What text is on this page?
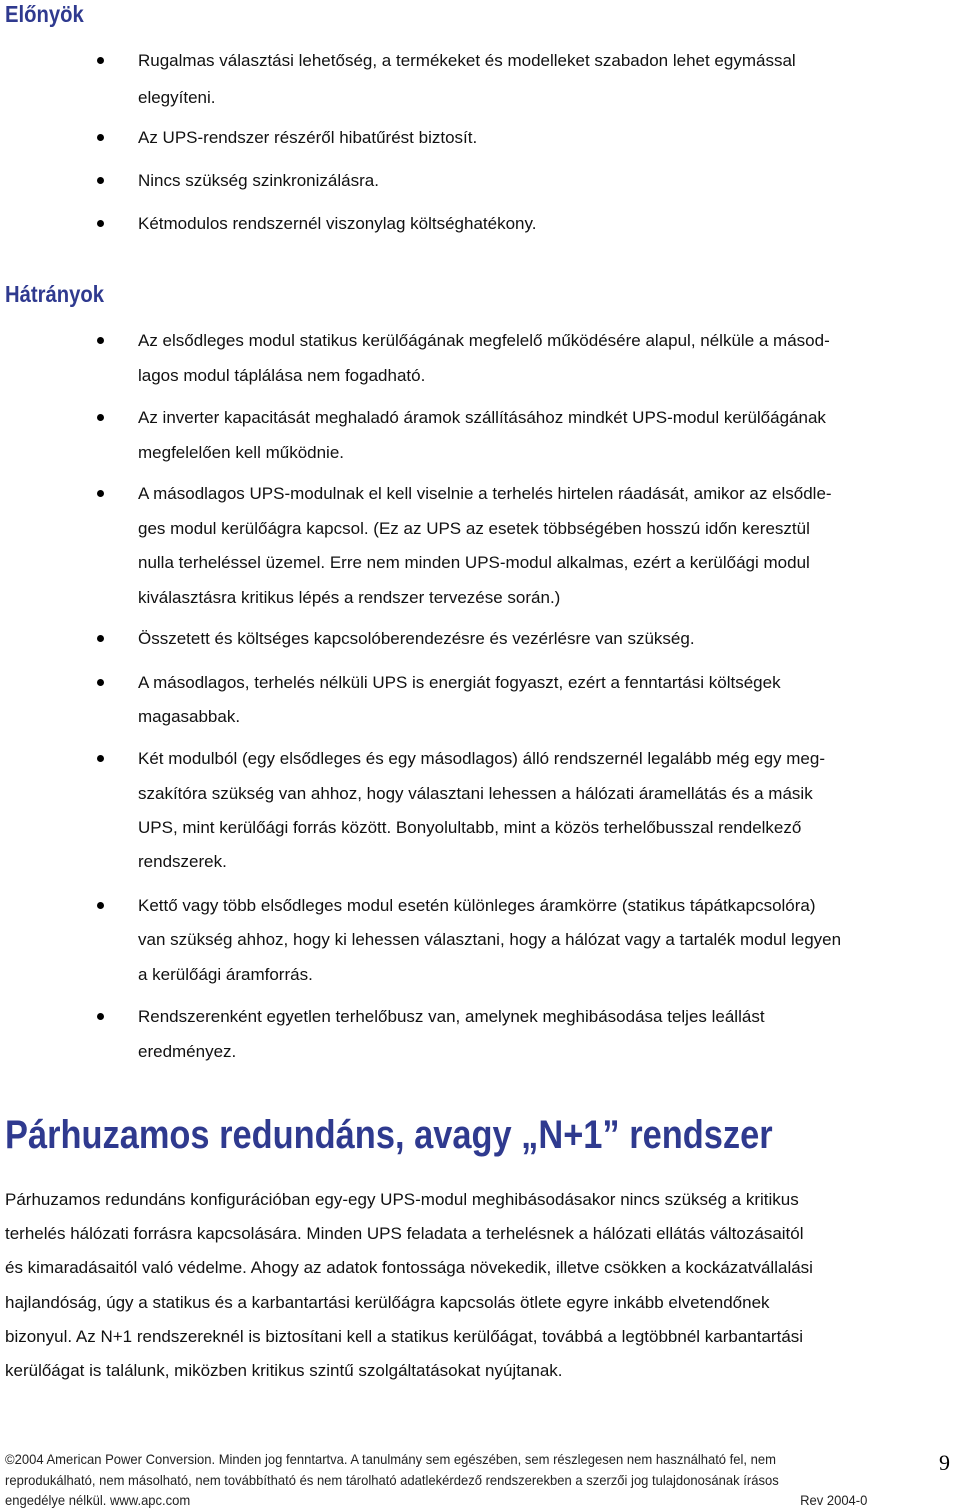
Előnyök
Rugalmas választási lehetőség, a termékeket és modelleket szabadon lehet egymással
elegyíteni.
Az UPS-rendszer részéről hibatűrést biztosít.
Nincs szükség szinkronizálásra.
Kétmodulos rendszernél viszonylag költséghatékony.
Hátrányok
Az elsődleges modul statikus kerülőágának megfelelő működésére alapul, nélküle a másod-
lagos modul táplálása nem fogadható.
Az inverter kapacitását meghaladó áramok szállításához mindkét UPS-modul kerülőágának
megfelelően kell működnie.
A másodlagos UPS-modulnak el kell viselnie a terhelés hirtelen ráadását, amikor az elsődle-
ges modul kerülőágra kapcsol. (Ez az UPS az esetek többségében hosszú időn keresztül
nulla terheléssel üzemel. Erre nem minden UPS-modul alkalmas, ezért a kerülőági modul
kiválasztásra kritikus lépés a rendszer tervezése során.)
Összetett és költséges kapcsolóberendezésre és vezérlésre van szükség.
A másodlagos, terhelés nélküli UPS is energiát fogyaszt, ezért a fenntartási költségek
magasabbak.
Két modulból (egy elsődleges és egy másodlagos) álló rendszernél legalább még egy meg-
szakítóra szükség van ahhoz, hogy választani lehessen a hálózati áramellátás és a másik
UPS, mint kerülőági forrás között. Bonyolultabb, mint a közös terhelőbusszal rendelkező
rendszerek.
Kettő vagy több elsődleges modul esetén különleges áramkörre (statikus tápátkapcsolóra)
van szükség ahhoz, hogy ki lehessen választani, hogy a hálózat vagy a tartalék modul legyen
a kerülőági áramforrás.
Rendszerenként egyetlen terhelőbusz van, amelynek meghibásodása teljes leállást
eredményez.
Párhuzamos redundáns, avagy „N+1” rendszer
Párhuzamos redundáns konfigurációban egy-egy UPS-modul meghibásodásakor nincs szükség a kritikus
terhelés hálózati forrásra kapcsolására. Minden UPS feladata a terhelésnek a hálózati ellátás változásaitól
és kimaradásaitól való védelme. Ahogy az adatok fontossága növekedik, illetve csökken a kockázatvállalási
hajlandóság, úgy a statikus és a karbantartási kerülőágra kapcsolás ötlete egyre inkább elvetendőnek
bizonyul. Az N+1 rendszereknél is biztosítani kell a statikus kerülőágat, továbbá a legtöbbnél karbantartási
kerülőágat is találunk, miközben kritikus szintű szolgáltatásokat nyújtanak.
©2004 American Power Conversion. Minden jog fenntartva. A tanulmány sem egészében, sem részlegesen nem használható fel, nem
reprodukálható, nem másolható, nem továbbítható és nem tárolható adatlekérdező rendszerekben a szerzői jog tulajdonosának írásos
engedélye nélkül. www.apc.com	Rev 2004-0
9
